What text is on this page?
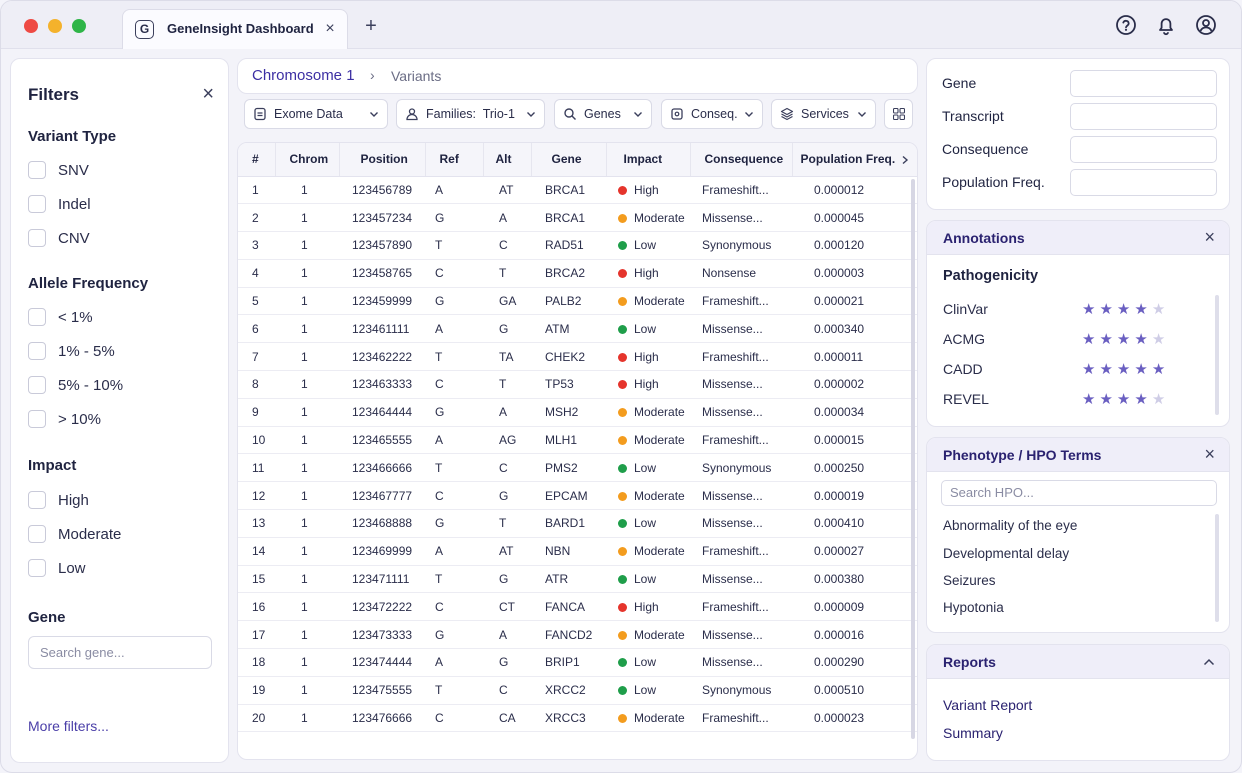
G	GeneInsight Dashboard × +
Filters	×
Variant Type
SNV
Indel
CNV
Allele Frequency
< 1%
1% - 5%
5% - 10%
> 10%
Impact
High
Moderate
Low
Gene
Search gene...
More filters...
Chromosome 1 › Variants
Exome Data	Families:  Trio-1	Genes	Conseq.	Services
#	Chrom	Position	Ref	Alt	Gene	Impact	Consequence	Population Freq.
1	1	123456789	A	AT	BRCA1	High	Frameshift...	0.000012
2	1	123457234	G	A	BRCA1	Moderate	Missense...	0.000045
3	1	123457890	T	C	RAD51	Low	Synonymous	0.000120
4	1	123458765	C	T	BRCA2	High	Nonsense	0.000003
5	1	123459999	G	GA	PALB2	Moderate	Frameshift...	0.000021
6	1	123461111	A	G	ATM	Low	Missense...	0.000340
7	1	123462222	T	TA	CHEK2	High	Frameshift...	0.000011
8	1	123463333	C	T	TP53	High	Missense...	0.000002
9	1	123464444	G	A	MSH2	Moderate	Missense...	0.000034
10	1	123465555	A	AG	MLH1	Moderate	Frameshift...	0.000015
11	1	123466666	T	C	PMS2	Low	Synonymous	0.000250
12	1	123467777	C	G	EPCAM	Moderate	Missense...	0.000019
13	1	123468888	G	T	BARD1	Low	Missense...	0.000410
14	1	123469999	A	AT	NBN	Moderate	Frameshift...	0.000027
15	1	123471111	T	G	ATR	Low	Missense...	0.000380
16	1	123472222	C	CT	FANCA	High	Frameshift...	0.000009
17	1	123473333	G	A	FANCD2	Moderate	Missense...	0.000016
18	1	123474444	A	G	BRIP1	Low	Missense...	0.000290
19	1	123475555	T	C	XRCC2	Low	Synonymous	0.000510
20	1	123476666	C	CA	XRCC3	Moderate	Frameshift...	0.000023
Gene
Transcript
Consequence
Population Freq.
Annotations	×
Pathogenicity
ClinVar	★★★★★
ACMG	★★★★★
CADD	★★★★★
REVEL	★★★★★
Phenotype / HPO Terms	×
Search HPO...
Abnormality of the eye
Developmental delay
Seizures
Hypotonia
Reports
Variant Report
Summary
